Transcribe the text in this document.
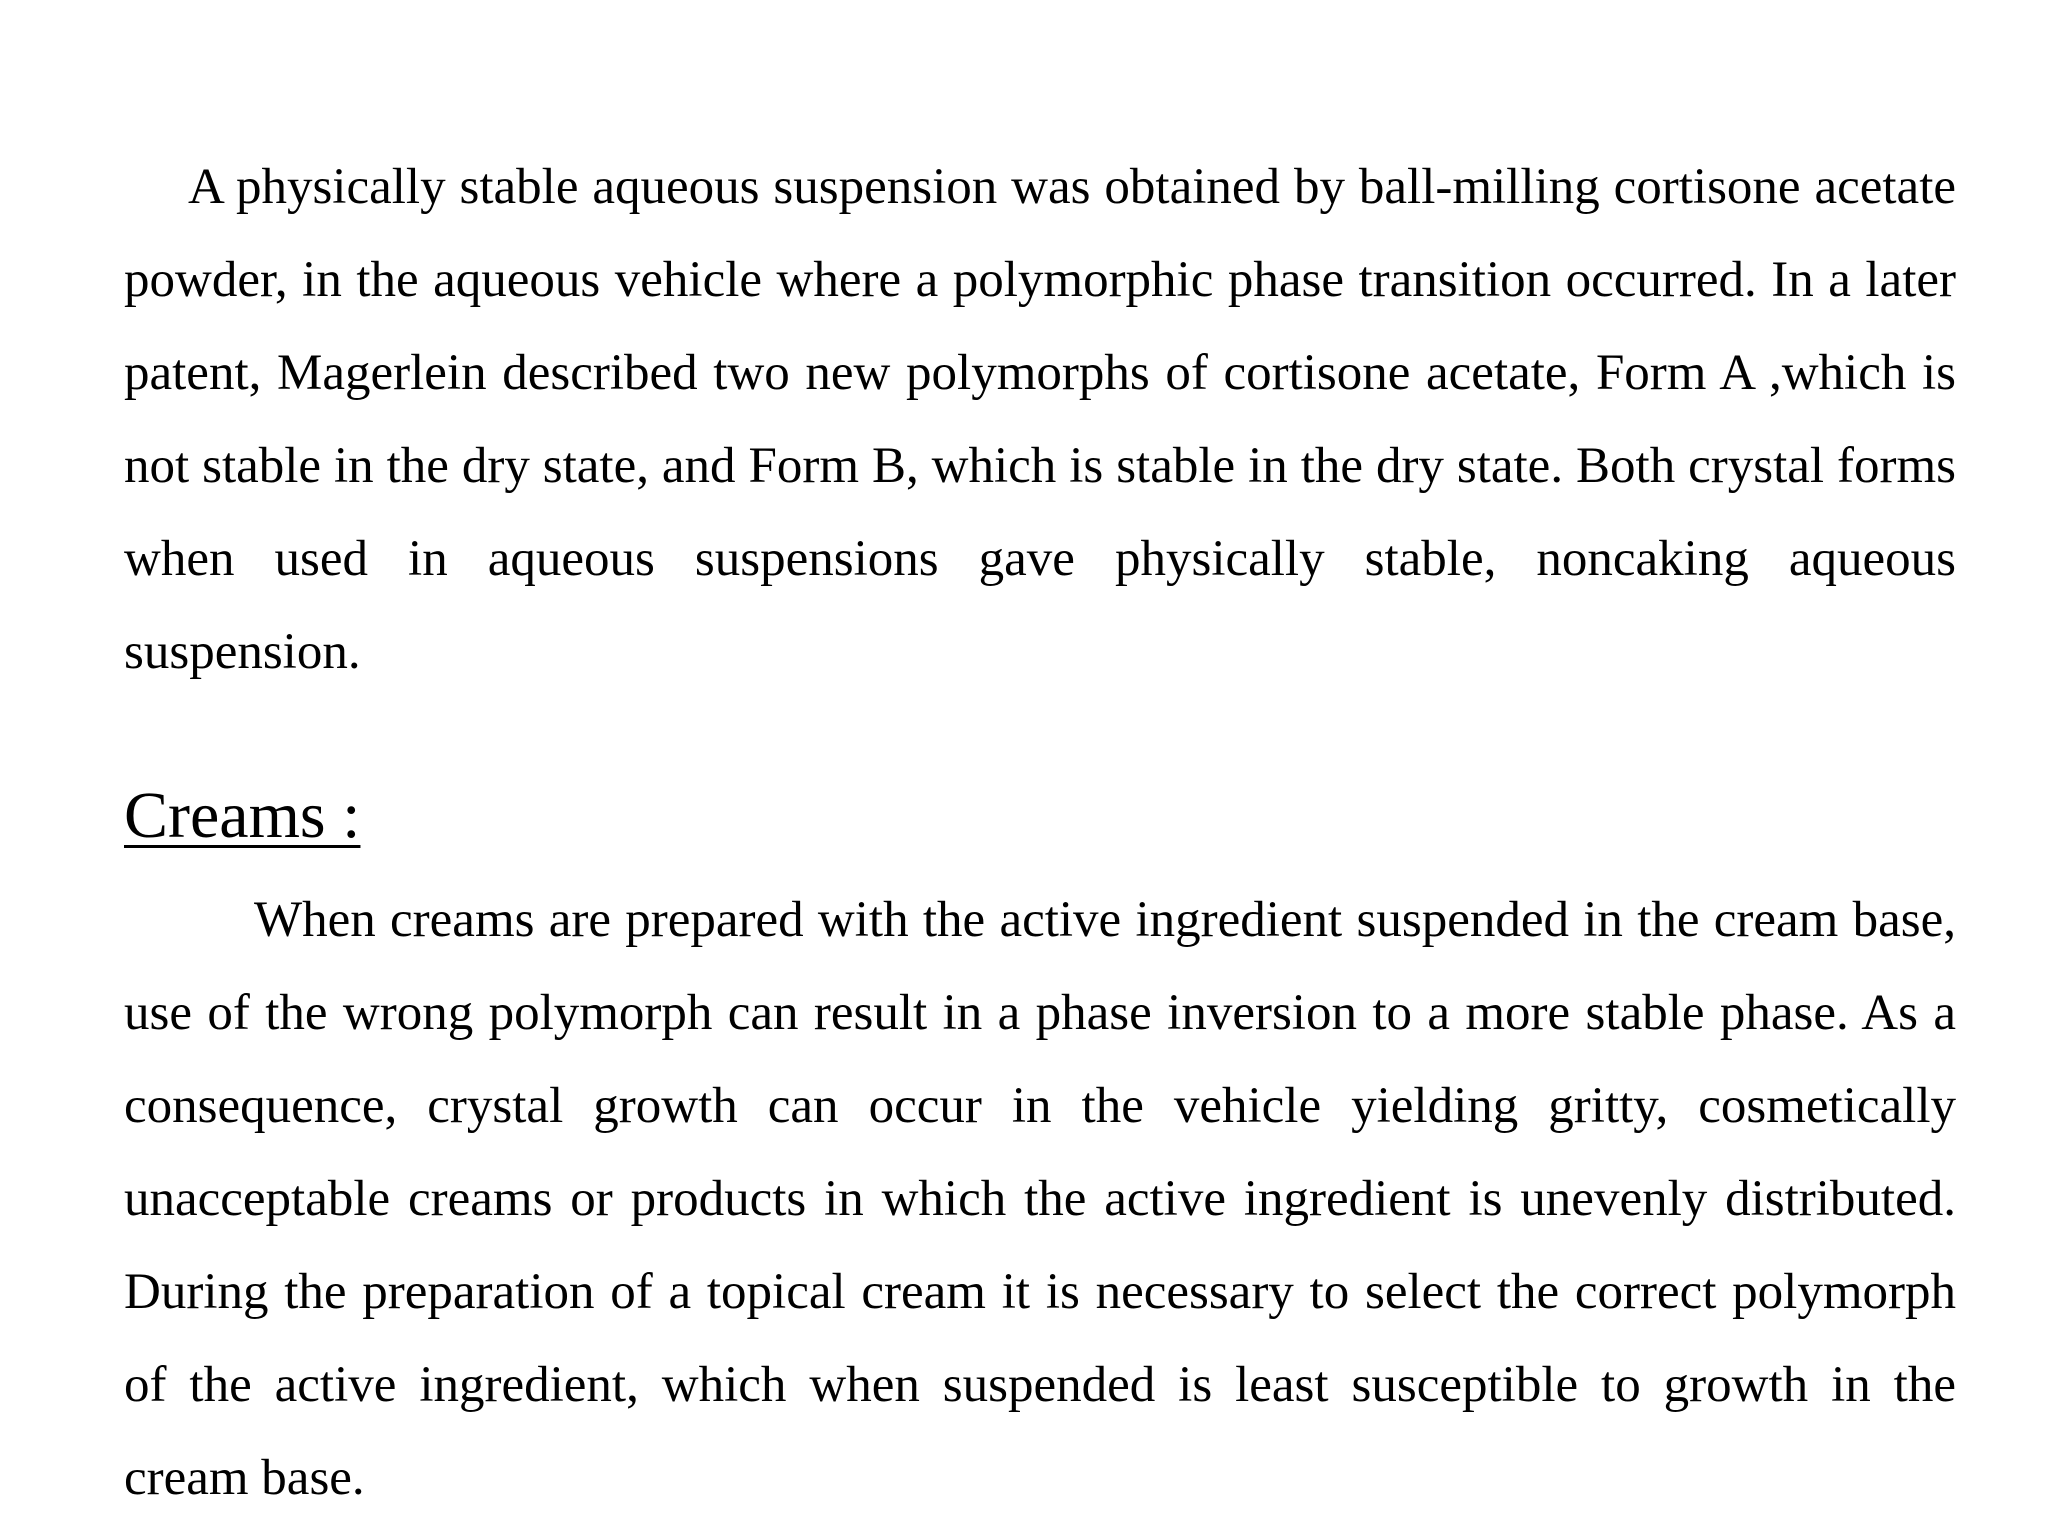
A physically stable aqueous suspension was obtained by ball-milling cortisone acetate powder, in the aqueous vehicle where a polymorphic phase transition occurred. In a later patent, Magerlein described two new polymorphs of cortisone acetate, Form A ,which is not stable in the dry state, and Form B, which is stable in the dry state. Both crystal forms when used in aqueous suspensions gave physically stable, noncaking aqueous suspension.

Creams :

When creams are prepared with the active ingredient suspended in the cream base, use of the wrong polymorph can result in a phase inversion to a more stable phase. As a consequence, crystal growth can occur in the vehicle yielding gritty, cosmetically unacceptable creams or products in which the active ingredient is unevenly distributed. During the preparation of a topical cream it is necessary to select the correct polymorph of the active ingredient, which when suspended is least susceptible to growth in the cream base.
